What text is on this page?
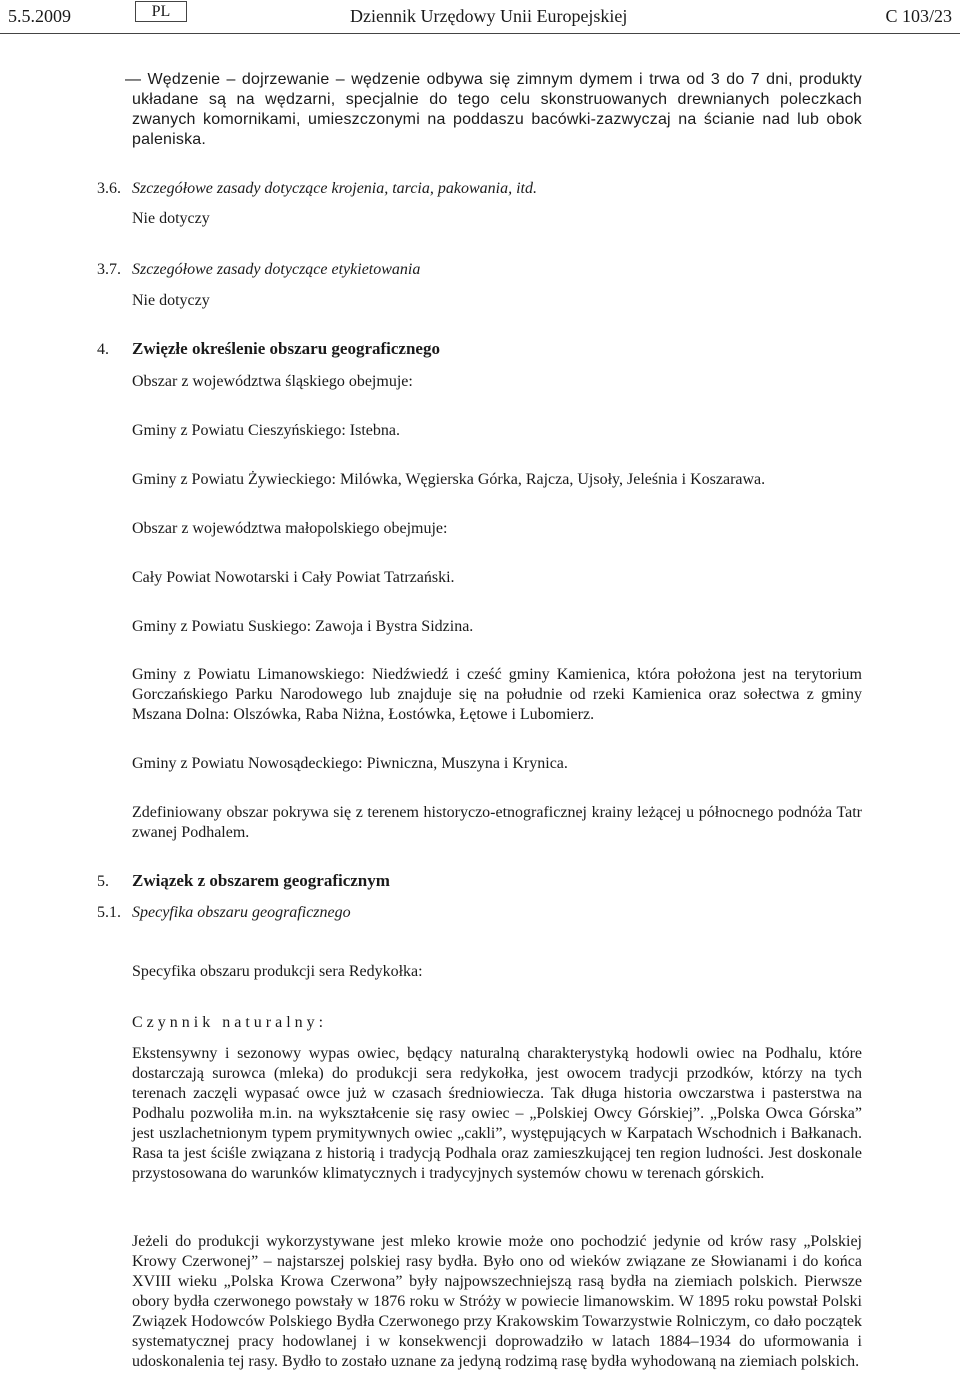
5.5.2009	PL	Dziennik Urzędowy Unii Europejskiej	C 103/23
— Wędzenie – dojrzewanie – wędzenie odbywa się zimnym dymem i trwa od 3 do 7 dni, produkty układane są na wędzarni, specjalnie do tego celu skonstruowanych drewnianych poleczkach zwanych komornikami, umieszczonymi na poddaszu bacówki-zazwyczaj na ścianie nad lub obok paleniska.
3.6. Szczegółowe zasady dotyczące krojenia, tarcia, pakowania, itd.
Nie dotyczy
3.7. Szczegółowe zasady dotyczące etykietowania
Nie dotyczy
4. Zwięzłe określenie obszaru geograficznego
Obszar z województwa śląskiego obejmuje:
Gminy z Powiatu Cieszyńskiego: Istebna.
Gminy z Powiatu Żywieckiego: Milówka, Węgierska Górka, Rajcza, Ujsoły, Jeleśnia i Koszarawa.
Obszar z województwa małopolskiego obejmuje:
Cały Powiat Nowotarski i Cały Powiat Tatrzański.
Gminy z Powiatu Suskiego: Zawoja i Bystra Sidzina.
Gminy z Powiatu Limanowskiego: Niedźwiedź i cześć gminy Kamienica, która położona jest na terytorium Gorczańskiego Parku Narodowego lub znajduje się na południe od rzeki Kamienica oraz sołectwa z gminy Mszana Dolna: Olszówka, Raba Niżna, Łostówka, Łętowe i Lubomierz.
Gminy z Powiatu Nowosądeckiego: Piwniczna, Muszyna i Krynica.
Zdefiniowany obszar pokrywa się z terenem historyczo-etnograficznej krainy leżącej u północnego podnóża Tatr zwanej Podhalem.
5. Związek z obszarem geograficznym
5.1. Specyfika obszaru geograficznego
Specyfika obszaru produkcji sera Redykołka:
Czynnik naturalny:
Ekstensywny i sezonowy wypas owiec, będący naturalną charakterystyką hodowli owiec na Podhalu, które dostarczają surowca (mleka) do produkcji sera redykołka, jest owocem tradycji przodków, którzy na tych terenach zaczęli wypasać owce już w czasach średniowiecza. Tak długa historia owczarstwa i pasterstwa na Podhalu pozwoliła m.in. na wykształcenie się rasy owiec – „Polskiej Owcy Górskiej”. „Polska Owca Górska” jest uszlachetnionym typem prymitywnych owiec „cakli”, występujących w Karpatach Wschodnich i Bałkanach. Rasa ta jest ściśle związana z historią i tradycją Podhala oraz zamieszkującej ten region ludności. Jest doskonale przystosowana do warunków klimatycznych i tradycyjnych systemów chowu w terenach górskich.
Jeżeli do produkcji wykorzystywane jest mleko krowie może ono pochodzić jedynie od krów rasy „Polskiej Krowy Czerwonej” – najstarszej polskiej rasy bydła. Było ono od wieków związane ze Słowianami i do końca XVIII wieku „Polska Krowa Czerwona” były najpowszechniejszą rasą bydła na ziemiach polskich. Pierwsze obory bydła czerwonego powstały w 1876 roku w Stróży w powiecie limanowskim. W 1895 roku powstał Polski Związek Hodowców Polskiego Bydła Czerwonego przy Krakowskim Towarzystwie Rolniczym, co dało początek systematycznej pracy hodowlanej i w konsekwencji doprowadziło w latach 1884–1934 do uformowania i udoskonalenia tej rasy. Bydło to zostało uznane za jedyną rodzimą rasę bydła wyhodowaną na ziemiach polskich.
